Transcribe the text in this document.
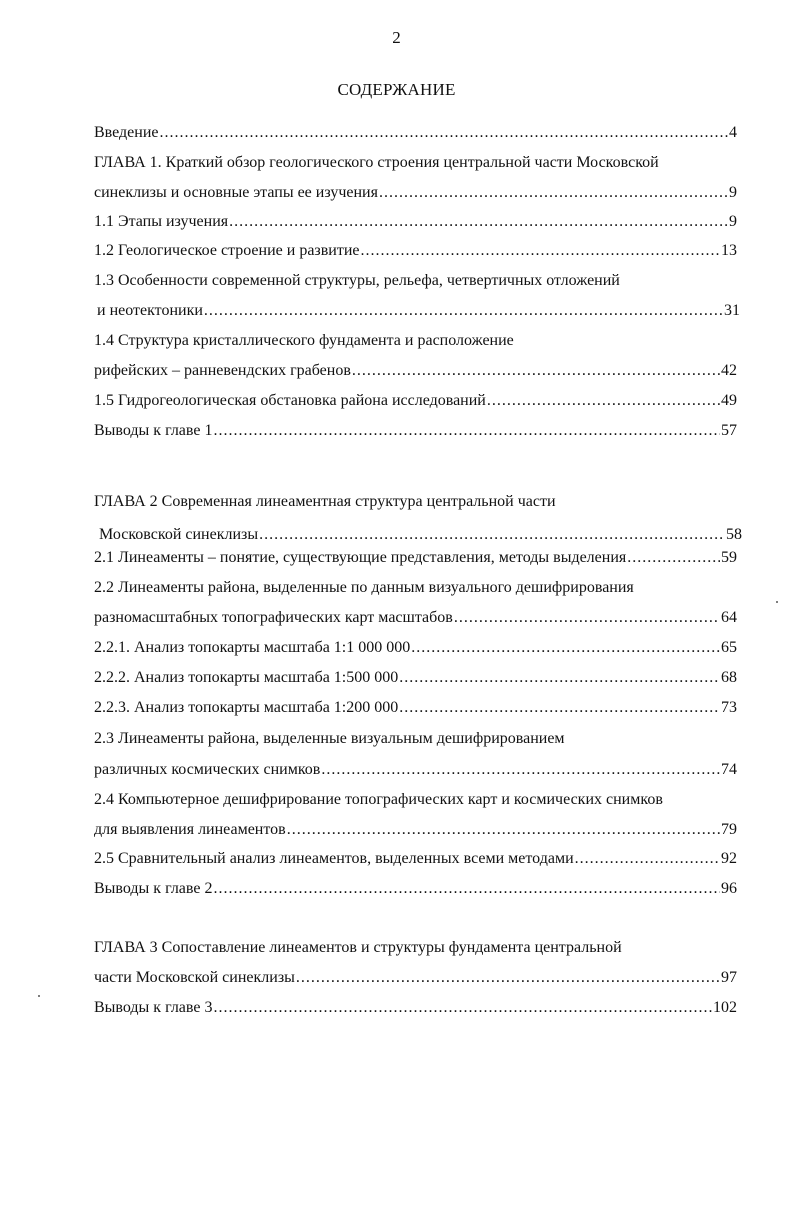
2
СОДЕРЖАНИЕ
Введение .....	4
ГЛАВА 1. Краткий обзор геологического строения центральной части Московской
синеклизы и основные этапы ее изучения .....	9
1.1 Этапы изучения .....	9
1.2 Геологическое строение и развитие .....	13
1.3 Особенности современной структуры, рельефа, четвертичных отложений
и неотектоники .....	31
1.4 Структура кристаллического фундамента и расположение
рифейских – ранневендских грабенов .....	42
1.5 Гидрогеологическая обстановка района исследований .....	49
Выводы к главе 1 .....	57
ГЛАВА 2 Современная линеаментная структура центральной части
Московской синеклизы .....	58
2.1 Линеаменты – понятие, существующие представления, методы выделения .....	59
2.2 Линеаменты района, выделенные по данным визуального дешифрирования
разномасштабных топографических карт масштабов .....	64
2.2.1. Анализ топокарты масштаба 1:1 000 000 .....	65
2.2.2. Анализ топокарты масштаба 1:500 000 .....	68
2.2.3. Анализ топокарты масштаба 1:200 000 .....	73
2.3 Линеаменты района, выделенные визуальным дешифрированием
различных космических снимков .....	74
2.4 Компьютерное дешифрирование топографических карт и космических снимков
для выявления линеаментов .....	79
2.5 Сравнительный анализ линеаментов, выделенных всеми методами .....	92
Выводы к главе 2 .....	96
ГЛАВА 3 Сопоставление линеаментов и структуры фундамента центральной
части Московской синеклизы .....	97
Выводы к главе 3 .....	102
